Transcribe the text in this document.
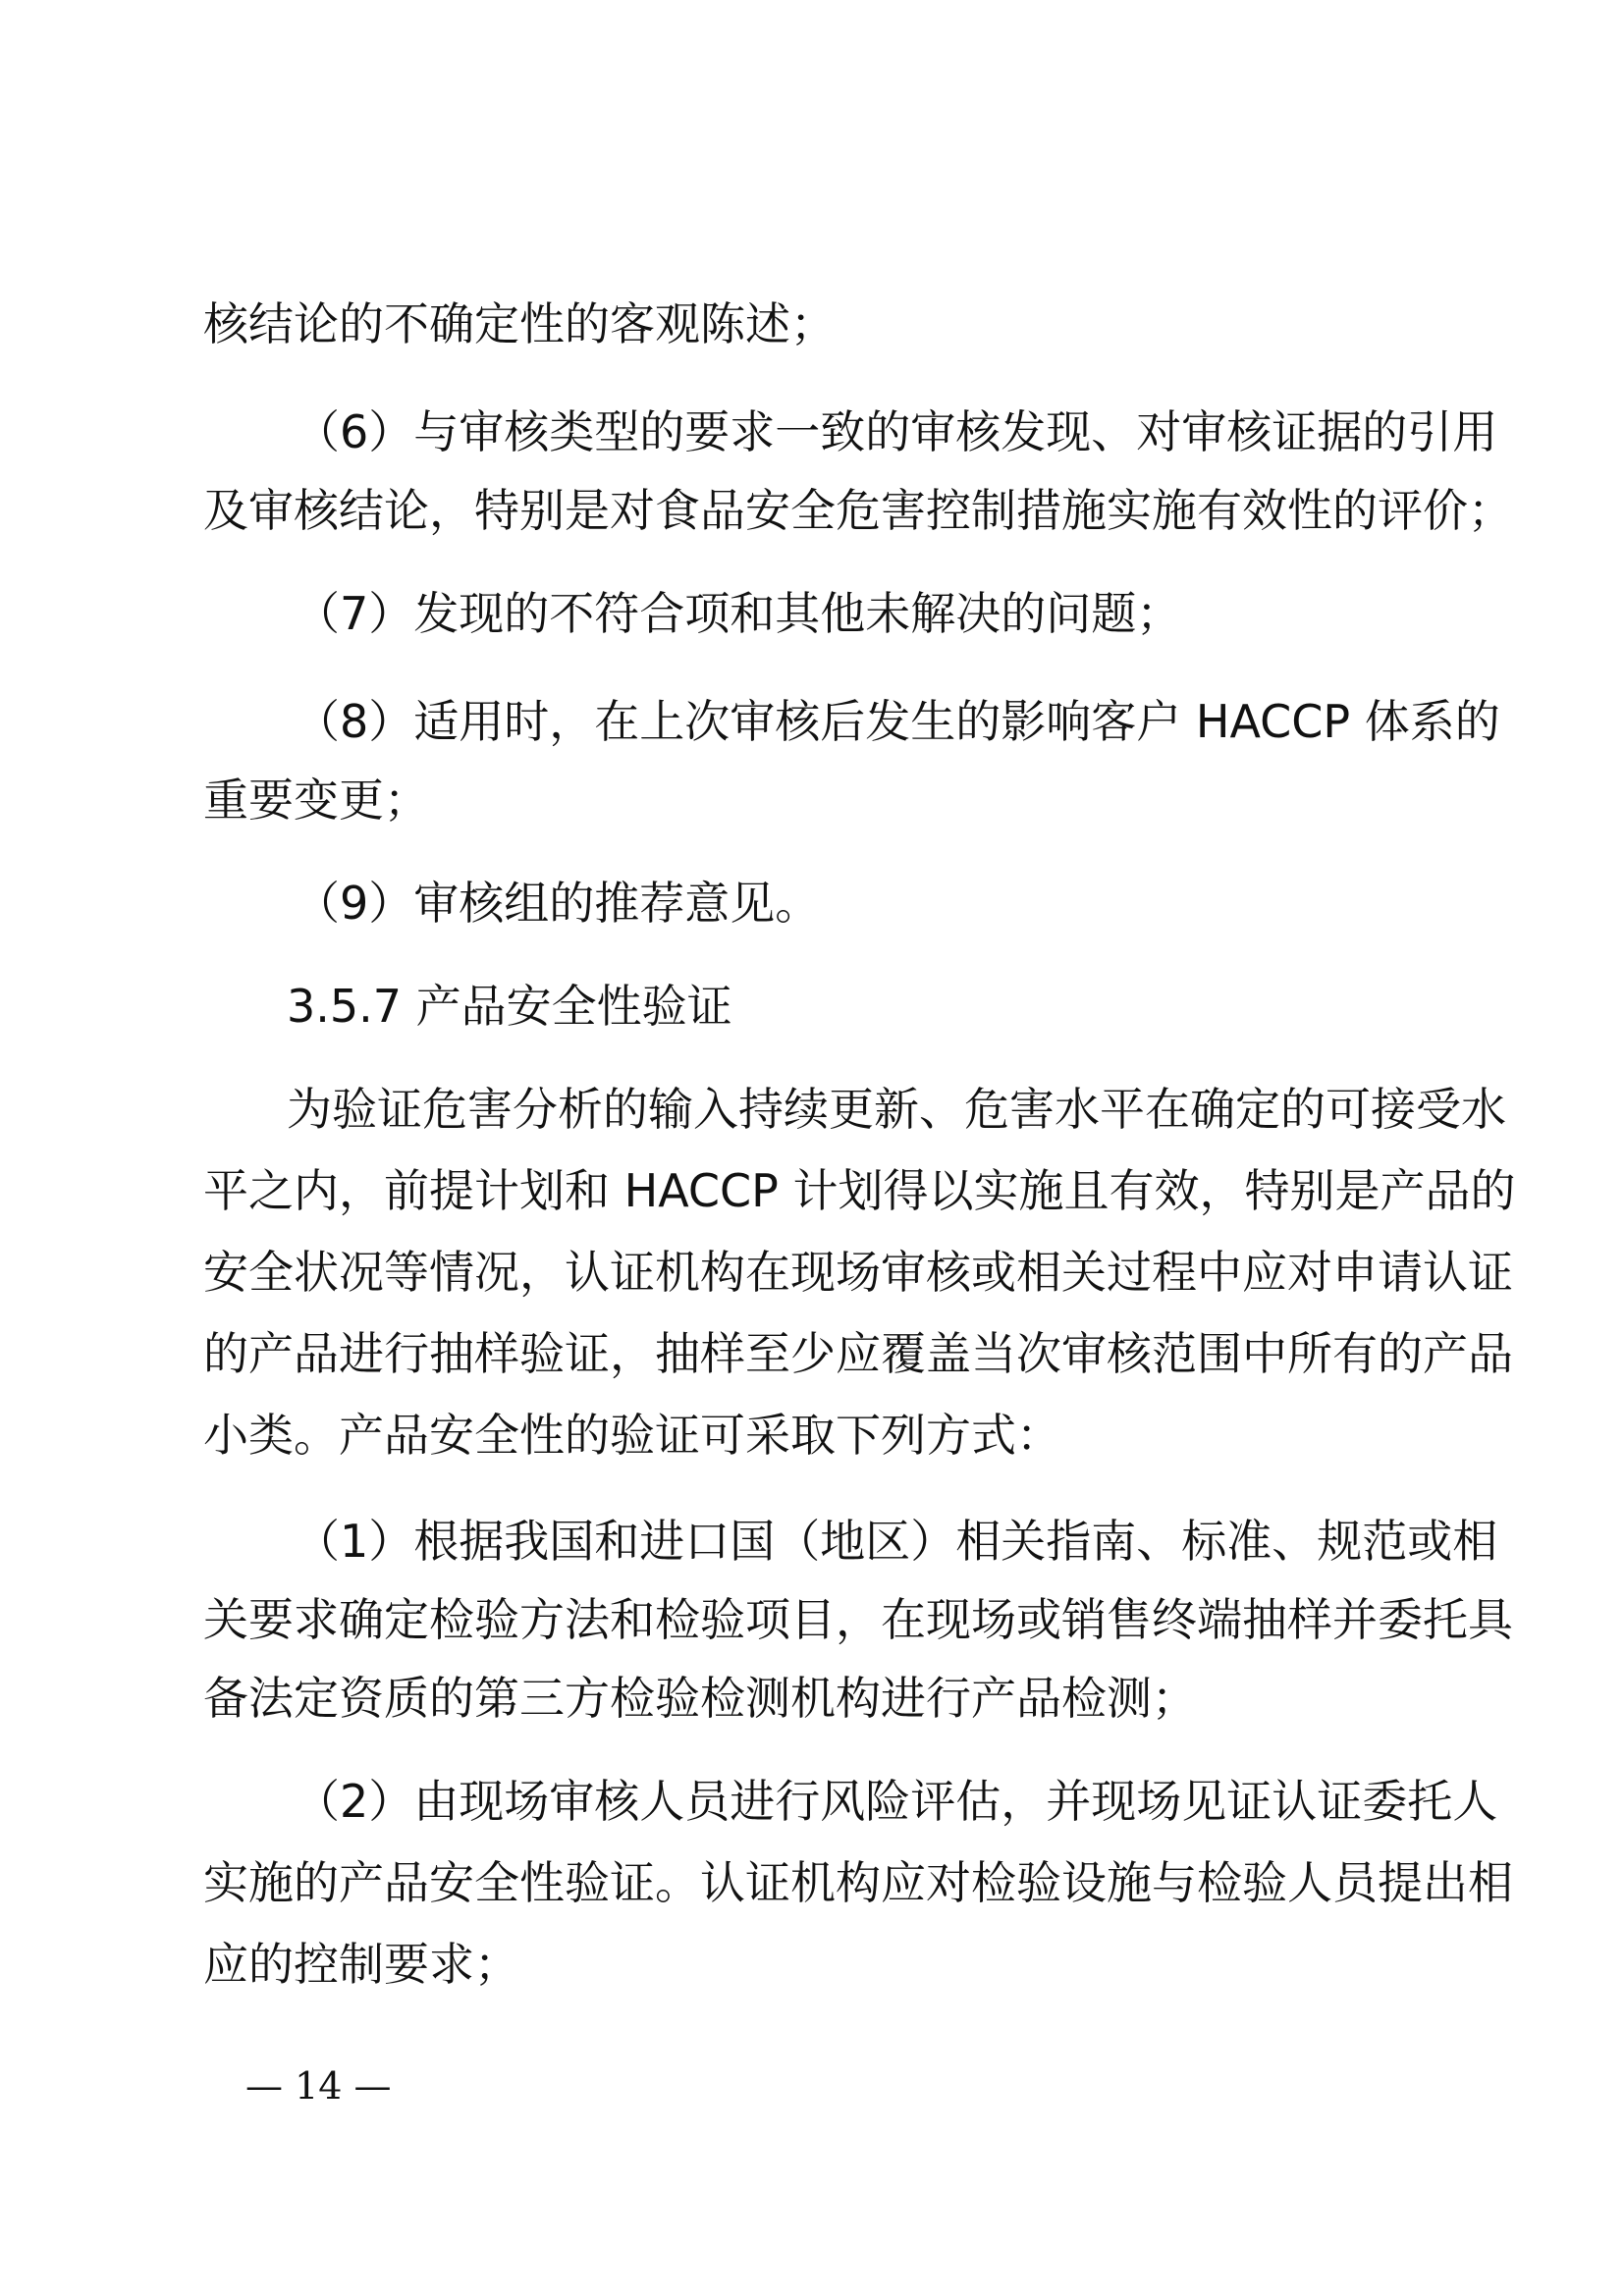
核结论的不确定性的客观陈述；
（6）与审核类型的要求一致的审核发现、对审核证据的引用
及审核结论，特别是对食品安全危害控制措施实施有效性的评价；
（7）发现的不符合项和其他未解决的问题；
（8）适用时，在上次审核后发生的影响客户 HACCP 体系的
重要变更；
（9）审核组的推荐意见。
3.5.7 产品安全性验证
为验证危害分析的输入持续更新、危害水平在确定的可接受水
平之内，前提计划和 HACCP 计划得以实施且有效，特别是产品的
安全状况等情况，认证机构在现场审核或相关过程中应对申请认证
的产品进行抽样验证，抽样至少应覆盖当次审核范围中所有的产品
小类。产品安全性的验证可采取下列方式：
（1）根据我国和进口国（地区）相关指南、标准、规范或相
关要求确定检验方法和检验项目，在现场或销售终端抽样并委托具
备法定资质的第三方检验检测机构进行产品检测；
（2）由现场审核人员进行风险评估，并现场见证认证委托人
实施的产品安全性验证。认证机构应对检验设施与检验人员提出相
应的控制要求；
— 14 —
